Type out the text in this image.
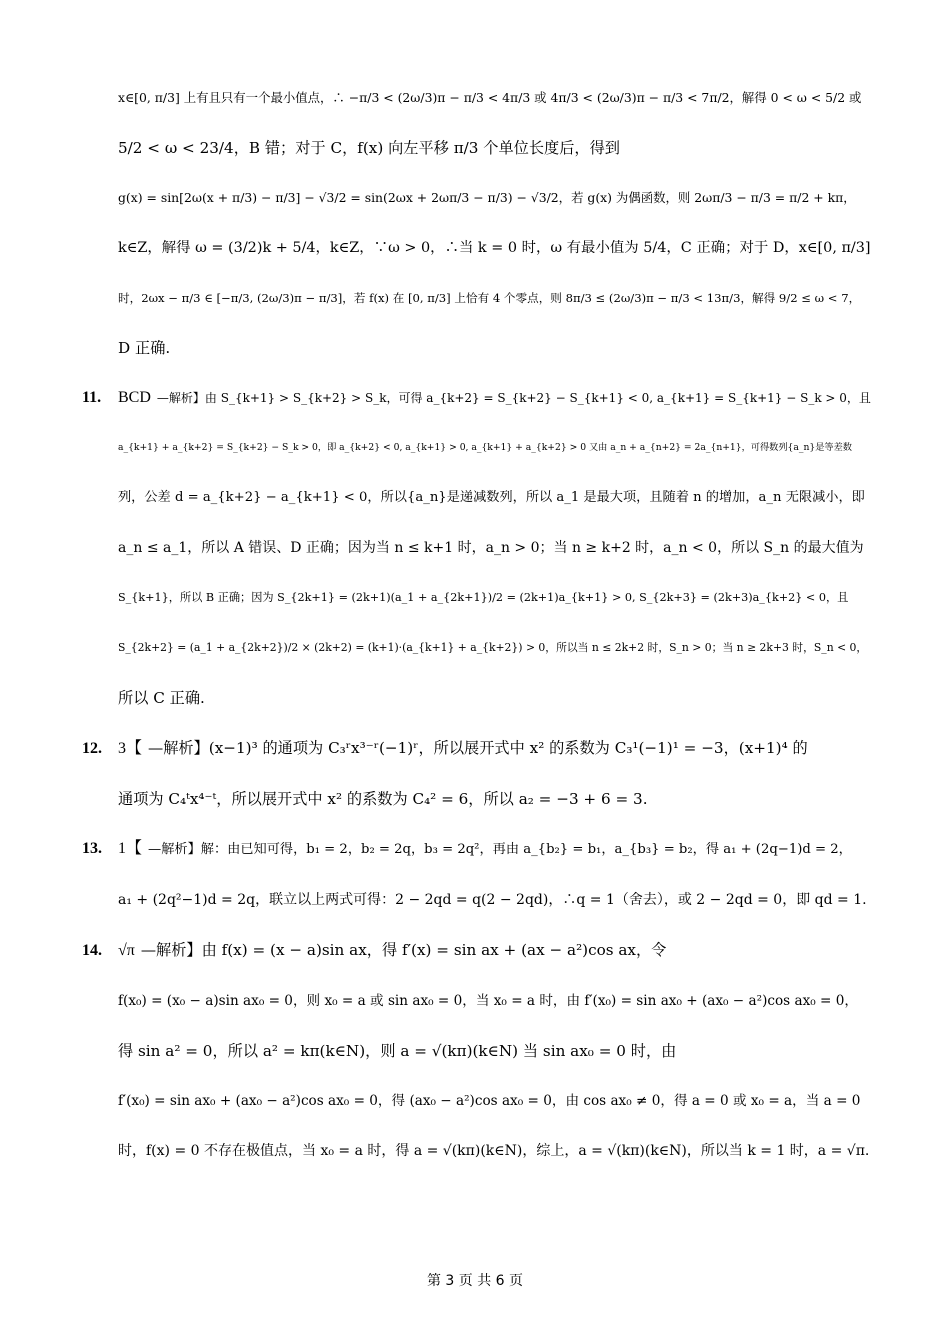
x∈[0, π/3] 上有且只有一个最小值点，∴ −π/3 < (2ω/3)π − π/3 < 4π/3 或 4π/3 < (2ω/3)π − π/3 < 7π/2，解得 0 < ω < 5/2 或
5/2 < ω < 23/4，B 错；对于 C，f(x) 向左平移 π/3 个单位长度后，得到
g(x) = sin[2ω(x + π/3) − π/3] − √3/2 = sin(2ωx + 2ωπ/3 − π/3) − √3/2，若 g(x) 为偶函数，则 2ωπ/3 − π/3 = π/2 + kπ，
k∈Z，解得 ω = (3/2)k + 5/4，k∈Z，∵ω > 0，∴当 k = 0 时，ω 有最小值为 5/4，C 正确；对于 D，x∈[0, π/3]
时，2ωx − π/3 ∈ [−π/3, (2ω/3)π − π/3]，若 f(x) 在 [0, π/3] 上恰有 4 个零点，则 8π/3 ≤ (2ω/3)π − π/3 < 13π/3，解得 9/2 ≤ ω < 7，
D 正确.
11. BCD —解析】由 S_{k+1} > S_{k+2} > S_k，可得 a_{k+2} = S_{k+2} − S_{k+1} < 0, a_{k+1} = S_{k+1} − S_k > 0，且
a_{k+1} + a_{k+2} = S_{k+2} − S_k > 0，即 a_{k+2} < 0, a_{k+1} > 0, a_{k+1} + a_{k+2} > 0 又由 a_n + a_{n+2} = 2a_{n+1}，可得数列{a_n}是等差数
列，公差 d = a_{k+2} − a_{k+1} < 0，所以{a_n}是递减数列，所以 a_1 是最大项，且随着 n 的增加，a_n 无限减小，即
a_n ≤ a_1，所以 A 错误、D 正确；因为当 n ≤ k+1 时，a_n > 0；当 n ≥ k+2 时，a_n < 0，所以 S_n 的最大值为
S_{k+1}，所以 B 正确；因为 S_{2k+1} = (2k+1)(a_1 + a_{2k+1})/2 = (2k+1)a_{k+1} > 0, S_{2k+3} = (2k+3)a_{k+2} < 0，且
S_{2k+2} = (a_1 + a_{2k+2})/2 × (2k+2) = (k+1)·(a_{k+1} + a_{k+2}) > 0，所以当 n ≤ 2k+2 时，S_n > 0；当 n ≥ 2k+3 时，S_n < 0，
所以 C 正确.
12. 3【 —解析】(x−1)³ 的通项为 C₃ʳx³⁻ʳ(−1)ʳ，所以展开式中 x² 的系数为 C₃¹(−1)¹ = −3，(x+1)⁴ 的
通项为 C₄ᵗx⁴⁻ᵗ，所以展开式中 x² 的系数为 C₄² = 6，所以 a₂ = −3 + 6 = 3.
13. 1【 —解析】解：由已知可得，b₁ = 2，b₂ = 2q，b₃ = 2q²，再由 a_{b₂} = b₁，a_{b₃} = b₂，得 a₁ + (2q−1)d = 2，
a₁ + (2q²−1)d = 2q，联立以上两式可得：2 − 2qd = q(2 − 2qd)，∴q = 1（舍去），或 2 − 2qd = 0，即 qd = 1.
14. √π —解析】由 f(x) = (x − a)sin ax，得 f′(x) = sin ax + (ax − a²)cos ax，令
f(x₀) = (x₀ − a)sin ax₀ = 0，则 x₀ = a 或 sin ax₀ = 0，当 x₀ = a 时，由 f′(x₀) = sin ax₀ + (ax₀ − a²)cos ax₀ = 0，
得 sin a² = 0，所以 a² = kπ(k∈N)，则 a = √(kπ)(k∈N) 当 sin ax₀ = 0 时，由
f′(x₀) = sin ax₀ + (ax₀ − a²)cos ax₀ = 0，得 (ax₀ − a²)cos ax₀ = 0，由 cos ax₀ ≠ 0，得 a = 0 或 x₀ = a，当 a = 0
时，f(x) = 0 不存在极值点，当 x₀ = a 时，得 a = √(kπ)(k∈N)，综上，a = √(kπ)(k∈N)，所以当 k = 1 时，a = √π.
第 3 页 共 6 页
